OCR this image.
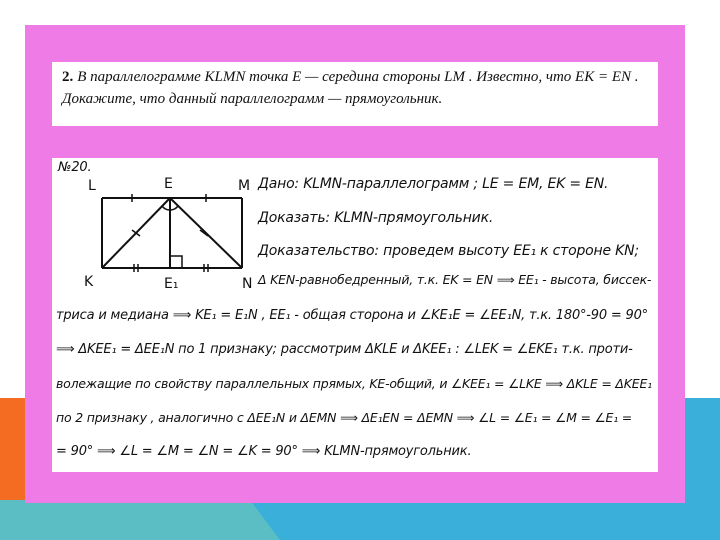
2. В параллелограмме KLMN точка E — середина стороны LM . Известно, что EK = EN . Докажите, что данный параллелограмм — прямоугольник.
№20.
L	E	M
K	E₁	N
Дано: KLMN-параллелограмм ; LE = EM, EK = EN.
Доказать: KLMN-прямоугольник.
Доказательство: проведем высоту EE₁ к стороне KN;
Δ KEN-равнобедренный, т.к. EK = EN ⟹ EE₁ - высота, биссек-
триса и медиана ⟹ KE₁ = E₁N , EE₁ - общая сторона и ∠KE₁E = ∠EE₁N, т.к. 180°-90 = 90°
⟹ ΔKEE₁ = ΔEE₁N по 1 признаку; рассмотрим ΔKLE и ΔKEE₁ : ∠LEK = ∠EKE₁ т.к. прoти-
волежащие по свойству параллельных прямых, KE-общий, и ∠KEE₁ = ∠LKE ⟹ ΔKLE = ΔKEE₁
по 2 признаку , аналогично с ΔEE₁N и ΔEMN ⟹ ΔE₁EN = ΔEMN ⟹ ∠L = ∠E₁ = ∠M = ∠E₁ =
= 90° ⟹ ∠L = ∠M = ∠N = ∠K = 90° ⟹ KLMN-прямоугольник.
